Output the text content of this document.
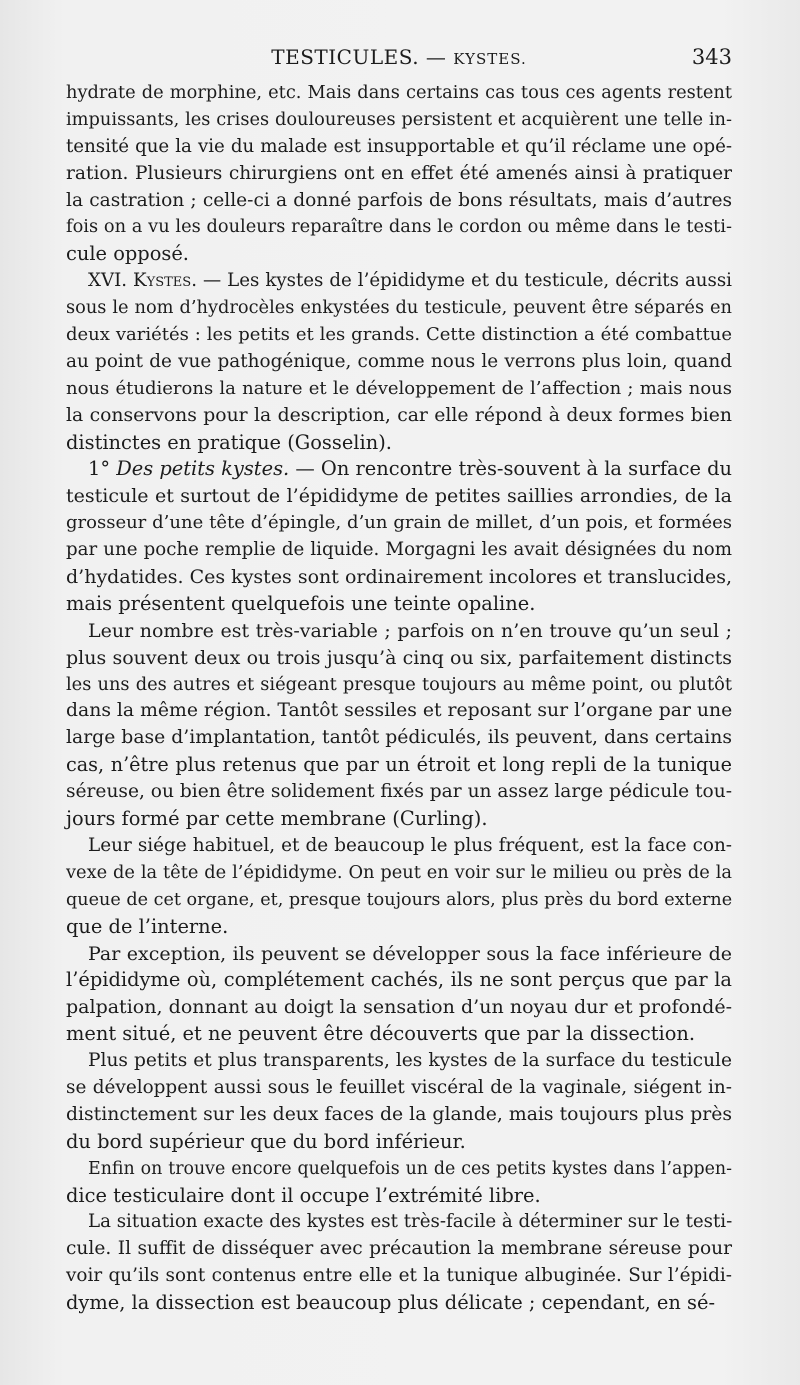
TESTICULES. — KYSTES.	343
hydrate de morphine, etc. Mais dans certains cas tous ces agents restent
impuissants, les crises douloureuses persistent et acquièrent une telle in-
tensité que la vie du malade est insupportable et qu’il réclame une opé-
ration. Plusieurs chirurgiens ont en effet été amenés ainsi à pratiquer
la castration ; celle-ci a donné parfois de bons résultats, mais d’autres
fois on a vu les douleurs reparaître dans le cordon ou même dans le testi-
cule opposé.
XVI. Kystes. — Les kystes de l’épididyme et du testicule, décrits aussi
sous le nom d’hydrocèles enkystées du testicule, peuvent être séparés en
deux variétés : les petits et les grands. Cette distinction a été combattue
au point de vue pathogénique, comme nous le verrons plus loin, quand
nous étudierons la nature et le développement de l’affection ; mais nous
la conservons pour la description, car elle répond à deux formes bien
distinctes en pratique (Gosselin).
1° Des petits kystes. — On rencontre très-souvent à la surface du
testicule et surtout de l’épididyme de petites saillies arrondies, de la
grosseur d’une tête d’épingle, d’un grain de millet, d’un pois, et formées
par une poche remplie de liquide. Morgagni les avait désignées du nom
d’hydatides. Ces kystes sont ordinairement incolores et translucides,
mais présentent quelquefois une teinte opaline.
Leur nombre est très-variable ; parfois on n’en trouve qu’un seul ;
plus souvent deux ou trois jusqu’à cinq ou six, parfaitement distincts
les uns des autres et siégeant presque toujours au même point, ou plutôt
dans la même région. Tantôt sessiles et reposant sur l’organe par une
large base d’implantation, tantôt pédiculés, ils peuvent, dans certains
cas, n’être plus retenus que par un étroit et long repli de la tunique
séreuse, ou bien être solidement fixés par un assez large pédicule tou-
jours formé par cette membrane (Curling).
Leur siége habituel, et de beaucoup le plus fréquent, est la face con-
vexe de la tête de l’épididyme. On peut en voir sur le milieu ou près de la
queue de cet organe, et, presque toujours alors, plus près du bord externe
que de l’interne.
Par exception, ils peuvent se développer sous la face inférieure de
l’épididyme où, complétement cachés, ils ne sont perçus que par la
palpation, donnant au doigt la sensation d’un noyau dur et profondé-
ment situé, et ne peuvent être découverts que par la dissection.
Plus petits et plus transparents, les kystes de la surface du testicule
se développent aussi sous le feuillet viscéral de la vaginale, siégent in-
distinctement sur les deux faces de la glande, mais toujours plus près
du bord supérieur que du bord inférieur.
Enfin on trouve encore quelquefois un de ces petits kystes dans l’appen-
dice testiculaire dont il occupe l’extrémité libre.
La situation exacte des kystes est très-facile à déterminer sur le testi-
cule. Il suffit de disséquer avec précaution la membrane séreuse pour
voir qu’ils sont contenus entre elle et la tunique albuginée. Sur l’épidi-
dyme, la dissection est beaucoup plus délicate ; cependant, en sé-
